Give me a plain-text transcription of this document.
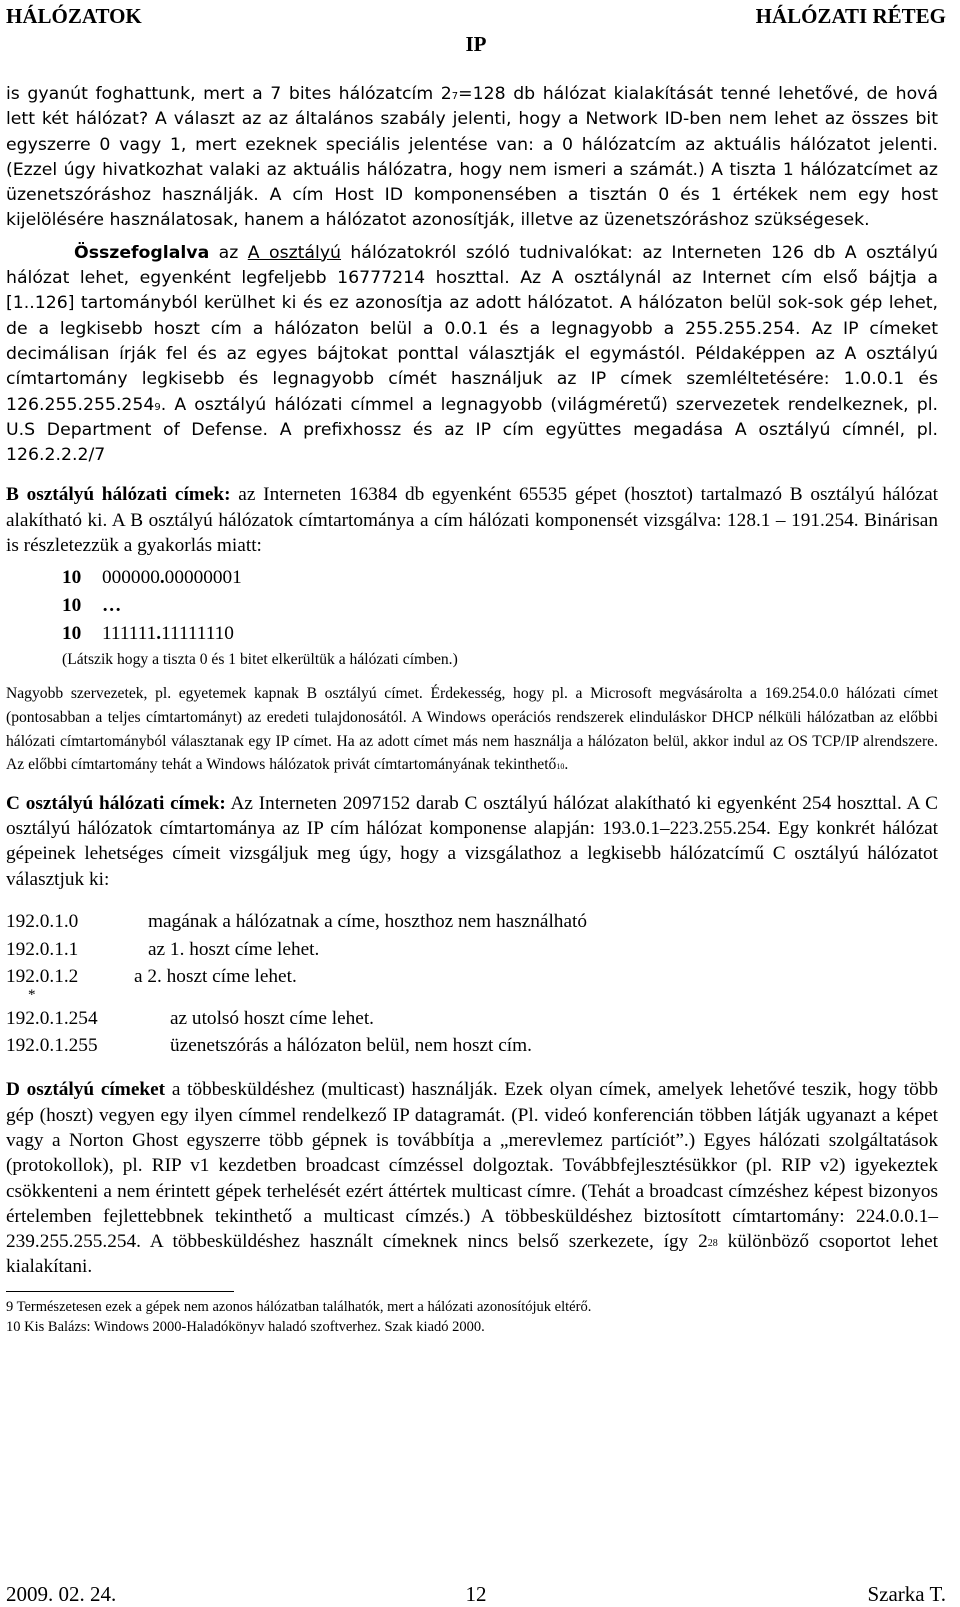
HÁLÓZATOK	HÁLÓZATI RÉTEG
IP

is gyanút foghattunk, mert a 7 bites hálózatcím $2^7=128$ db hálózat kialakítását tenné lehetővé, de hová lett két hálózat? A választ az az általános szabály jelenti, hogy a Network ID-ben nem lehet az összes bit egyszerre 0 vagy 1, mert ezeknek speciális jelentése van: a 0 hálózatcím az aktuális hálózatot jelenti. (Ezzel úgy hivatkozhat valaki az aktuális hálózatra, hogy nem ismeri a számát.) A tiszta 1 hálózatcímet az üzenetszóráshoz használják. A cím Host ID komponensében a tisztán 0 és 1 értékek nem egy host kijelölésére használatosak, hanem a hálózatot azonosítják, illetve az üzenetszóráshoz szükségesek.

Összefoglalva az A osztályú hálózatokról szóló tudnivalókat: az Interneten 126 db A osztályú hálózat lehet, egyenként legfeljebb 16777214 hoszttal. Az A osztálynál az Internet cím első bájtja a [1..126] tartományból kerülhet ki és ez azonosítja az adott hálózatot. A hálózaton belül sok-sok gép lehet, de a legkisebb hoszt cím a hálózaton belül a 0.0.1 és a legnagyobb a 255.255.254. Az IP címeket decimálisan írják fel és az egyes bájtokat ponttal választják el egymástól. Példaképpen az A osztályú címtartomány legkisebb és legnagyobb címét használjuk az IP címek szemléltetésére: 1.0.0.1 és 126.255.255.254$^9$. A osztályú hálózati címmel a legnagyobb (világméretű) szervezetek rendelkeznek, pl. U.S Department of Defense. A prefixhossz és az IP cím együttes megadása A osztályú címnél, pl. 126.2.2.2/7

B osztályú hálózati címek: az Interneten 16384 db egyenként 65535 gépet (hosztot) tartalmazó B osztályú hálózat alakítható ki. A B osztályú hálózatok címtartománya a cím hálózati komponensét vizsgálva: 128.1 – 191.254. Binárisan is részletezzük a gyakorlás miatt:

10	000000 . 00000001
10	…
10	111111 . 11111110
(Látszik hogy a tiszta 0 és 1 bitet elkerültük a hálózati címben.)

Nagyobb szervezetek, pl. egyetemek kapnak B osztályú címet. Érdekesség, hogy pl. a Microsoft megvásárolta a 169.254.0.0 hálózati címet (pontosabban a teljes címtartományt) az eredeti tulajdonosától. A Windows operációs rendszerek elinduláskor DHCP nélküli hálózatban az előbbi hálózati címtartományból választanak egy IP címet. Ha az adott címet más nem használja a hálózaton belül, akkor indul az OS TCP/IP alrendszere. Az előbbi címtartomány tehát a Windows hálózatok privát címtartományának tekinthető$^{10}$.

C osztályú hálózati címek: Az Interneten 2097152 darab C osztályú hálózat alakítható ki egyenként 254 hoszttal. A C osztályú hálózatok címtartománya az IP cím hálózat komponense alapján: 193.0.1–223.255.254. Egy konkrét hálózat gépeinek lehetséges címeit vizsgáljuk meg úgy, hogy a vizsgálathoz a legkisebb hálózatcímű C osztályú hálózatot választjuk ki:

192.0.1.0	magának a hálózatnak a címe, hoszthoz nem használható
192.0.1.1	az 1. hoszt címe lehet.
192.0.1.2	a 2. hoszt címe lehet.
*
192.0.1.254	az utolsó hoszt címe lehet.
192.0.1.255	üzenetszórás a hálózaton belül, nem hoszt cím.

D osztályú címeket a többesküldéshez (multicast) használják. Ezek olyan címek, amelyek lehetővé teszik, hogy több gép (hoszt) vegyen egy ilyen címmel rendelkező IP datagramát. (Pl. videó konferencián többen látják ugyanazt a képet vagy a Norton Ghost egyszerre több gépnek is továbbítja a „merevlemez partíciót”.) Egyes hálózati szolgáltatások (protokollok), pl. RIP v1 kezdetben broadcast címzéssel dolgoztak. Továbbfejlesztésükkor (pl. RIP v2) igyekeztek csökkenteni a nem érintett gépek terhelését ezért áttértek multicast címre. (Tehát a broadcast címzéshez képest bizonyos értelemben fejlettebbnek tekinthető a multicast címzés.) A többesküldéshez biztosított címtartomány: 224.0.0.1–239.255.255.254. A többesküldéshez használt címeknek nincs belső szerkezete, így $2^{28}$ különböző csoportot lehet kialakítani.

9 Természetesen ezek a gépek nem azonos hálózatban találhatók, mert a hálózati azonosítójuk eltérő.
10 Kis Balázs: Windows 2000-Haladókönyv haladó szoftverhez. Szak kiadó 2000.
2009. 02. 24.	12	Szarka T.
